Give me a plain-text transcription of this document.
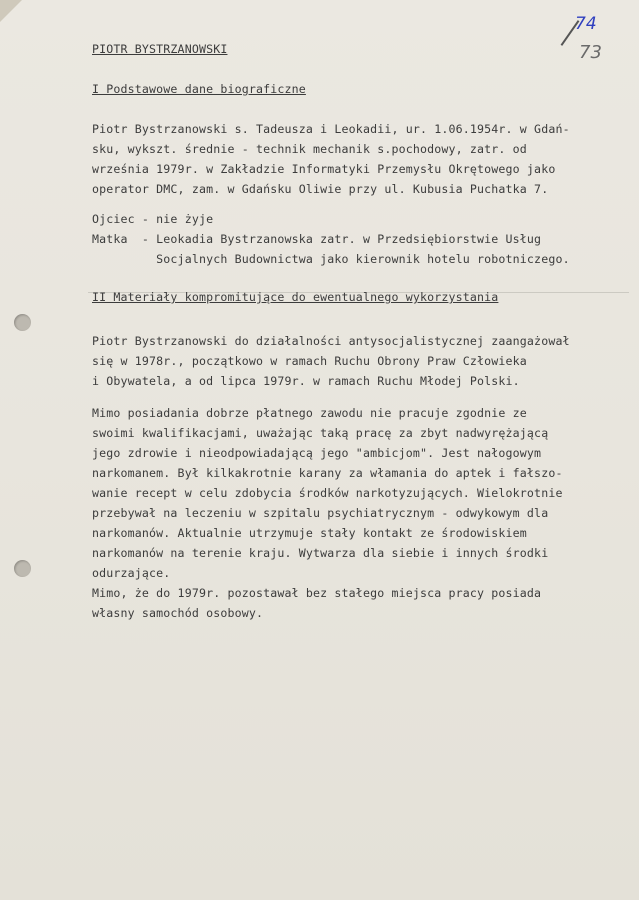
74
73
PIOTR BYSTRZANOWSKI
I Podstawowe dane biograficzne
Piotr Bystrzanowski s. Tadeusza i Leokadii, ur. 1.06.1954r. w Gdań-
sku, wykszt. średnie - technik mechanik s.pochodowy, zatr. od
września 1979r. w Zakładzie Informatyki Przemysłu Okrętowego jako
operator DMC, zam. w Gdańsku Oliwie przy ul. Kubusia Puchatka 7.
Ojciec - nie żyje
Matka  - Leokadia Bystrzanowska zatr. w Przedsiębiorstwie Usług
Socjalnych Budownictwa jako kierownik hotelu robotniczego.
II Materiały kompromitujące do ewentualnego wykorzystania
Piotr Bystrzanowski do działalności antysocjalistycznej zaangażował
się w 1978r., początkowo w ramach Ruchu Obrony Praw Człowieka
i Obywatela, a od lipca 1979r. w ramach Ruchu Młodej Polski.
Mimo posiadania dobrze płatnego zawodu nie pracuje zgodnie ze
swoimi kwalifikacjami, uważając taką pracę za zbyt nadwyrężającą
jego zdrowie i nieodpowiadającą jego "ambicjom". Jest nałogowym
narkomanem. Był kilkakrotnie karany za włamania do aptek i fałszo-
wanie recept w celu zdobycia środków narkotyzujących. Wielokrotnie
przebywał na leczeniu w szpitalu psychiatrycznym - odwykowym dla
narkomanów. Aktualnie utrzymuje stały kontakt ze środowiskiem
narkomanów na terenie kraju. Wytwarza dla siebie i innych środki
odurzające.
Mimo, że do 1979r. pozostawał bez stałego miejsca pracy posiada
własny samochód osobowy.
